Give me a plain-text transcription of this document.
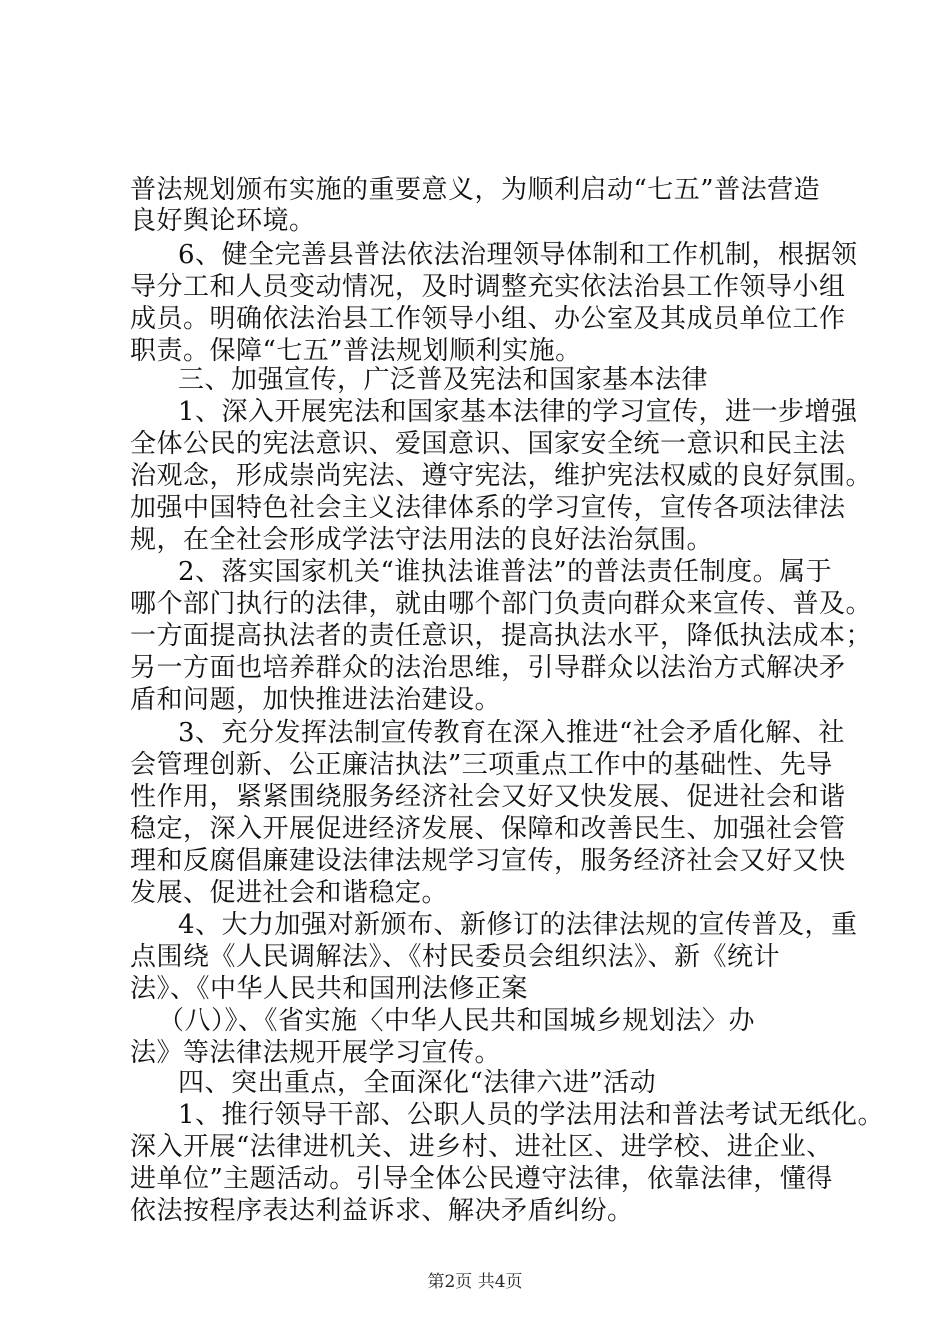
普法规划颁布实施的重要意义，为顺利启动“七五”普法营造
良好舆论环境。
6、健全完善县普法依法治理领导体制和工作机制，根据领
导分工和人员变动情况，及时调整充实依法治县工作领导小组
成员。明确依法治县工作领导小组、办公室及其成员单位工作
职责。保障“七五”普法规划顺利实施。
三、加强宣传，广泛普及宪法和国家基本法律
1、深入开展宪法和国家基本法律的学习宣传，进一步增强
全体公民的宪法意识、爱国意识、国家安全统一意识和民主法
治观念，形成崇尚宪法、遵守宪法，维护宪法权威的良好氛围。
加强中国特色社会主义法律体系的学习宣传，宣传各项法律法
规，在全社会形成学法守法用法的良好法治氛围。
2、落实国家机关“谁执法谁普法”的普法责任制度。属于
哪个部门执行的法律，就由哪个部门负责向群众来宣传、普及。
一方面提高执法者的责任意识，提高执法水平，降低执法成本；
另一方面也培养群众的法治思维，引导群众以法治方式解决矛
盾和问题，加快推进法治建设。
3、充分发挥法制宣传教育在深入推进“社会矛盾化解、社
会管理创新、公正廉洁执法”三项重点工作中的基础性、先导
性作用，紧紧围绕服务经济社会又好又快发展、促进社会和谐
稳定，深入开展促进经济发展、保障和改善民生、加强社会管
理和反腐倡廉建设法律法规学习宣传，服务经济社会又好又快
发展、促进社会和谐稳定。
4、大力加强对新颁布、新修订的法律法规的宣传普及，重
点围绕《人民调解法》、《村民委员会组织法》、新《统计
法》、《中华人民共和国刑法修正案
（八）》、《省实施〈中华人民共和国城乡规划法〉办
法》等法律法规开展学习宣传。
四、突出重点，全面深化“法律六进”活动
1、推行领导干部、公职人员的学法用法和普法考试无纸化。
深入开展“法律进机关、进乡村、进社区、进学校、进企业、
进单位”主题活动。引导全体公民遵守法律，依靠法律，懂得
依法按程序表达利益诉求、解决矛盾纠纷。
第2页 共4页
